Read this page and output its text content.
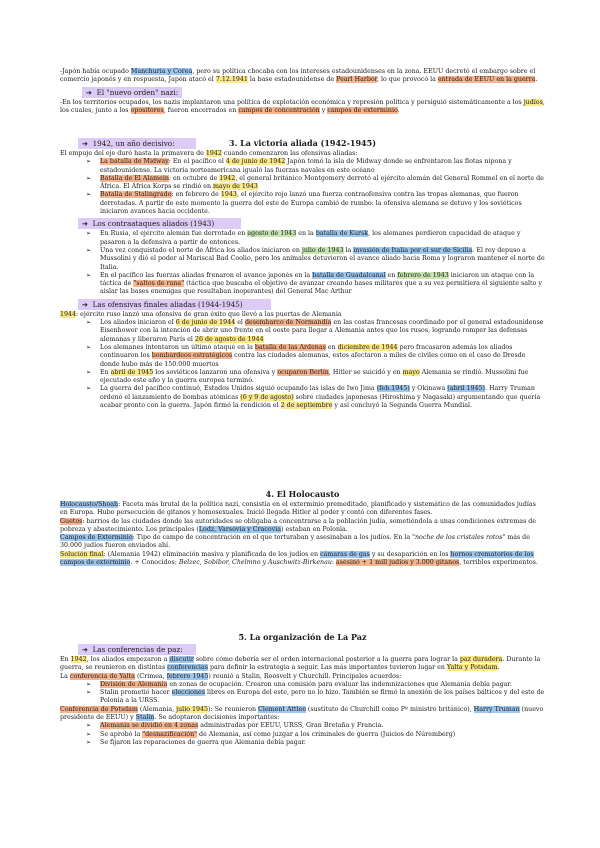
-Japón había ocupado Manchuria y Corea, pero su política chocaba con los intereses estadounidenses en la zona. EEUU decretó el embargo sobre el comercio japonés y en respuesta, Japón atacó el 7.12.1941 la base estadounidense de Pearl Harbor, lo que provocó la entrada de EEUU en la guerra.

➔  El "nuevo orden" nazi:

-En los territorios ocupados, los nazis implantaron una política de explotación económica y represión política y persiguió sistemáticamente a los judíos, los cuales, junto a los opositores, fueron encerrados en campos de concentración y campos de exterminio.

3. La victoria aliada (1942-1945)
➔  1942, un año decisivo:

El empuje del eje duró hasta la primavera de 1942 cuando comenzaron las ofensivas aliadas:

➢ La batalla de Midway: En el pacífico el 4 de junio de 1942 Japón tomó la isla de Midway donde se enfrentaron las flotas nipona y estadounidense. La victoria norteamericana igualó las fuerzas navales en este océano
➢ Batalla de El Alamein: en octubre de 1942, el general británico Montgomery derrotó al ejército alemán del General Rommel en el norte de África. El África Korps se rindió en mayo de 1943
➢ Batalla de Stalingrado: en febrero de 1943, el ejército rojo lanzó una fuerza contraofensiva contra las tropas alemanas, que fueron derrotadas. A partir de este momento la guerra del este de Europa cambió de rumbo: la ofensiva alemana se detuvo y los soviéticos iniciaron avances hacia occidente.
➔  Los contraataques aliados (1943)
➢ En Rusia, el ejército alemán fue derrotado en agosto de 1943 en la batalla de Kursk, los alemanes perdieron capacidad de ataque y pasaron a la defensiva a partir de entonces.
➢ Una vez conquistado el norte de África los aliados iniciaron en julio de 1943 la invasión de Italia por el sur de Sicilia. El rey depuso a Mussolini y dió el poder al Mariscal Bad Coolio, pero los animales detuvieron el avance aliado hacia Roma y lograron mantener el norte de Italia.
➢ En el pacífico las fuerzas aliadas frenaron el avance japonés en la batalla de Guadalcanal en febrero de 1943 iniciaron un ataque con la táctica de "saltos de rana" (táctica que buscaba el objetivo de avanzar creando bases militares que a su vez permitiera el siguiente salto y aislar las bases enemigas que resultaban inoperantes) del General Mac Arthur
➔  Las ofensivas finales aliadas (1944-1945)

1944: ejército ruso lanzó una ofensiva de gran éxito que llevó a las puertas de Alemania

➢ Los aliados iniciaron el 6 de junio de 1944 el desembarco de Normandía en las costas francesas coordinado por el general estadounidense Eisenhower con la intención de abrir uno frente en el oeste para llegar a Alemania antes que los rusos, logrando romper las defensas alemanas y liberaron París el 26 de agosto de 1944
➢ Los alemanes intentaron un último ataque en la batalla de las Ardenas en diciembre de 1944 pero fracasaron además los aliados continuaron los bombardeos estratégicos contra las ciudades alemanas, estos afectaron a miles de civiles como en el caso de Dresde donde hubo más de 150.000 muertos
➢ En abril de 1945 los soviéticos lanzaron una ofensiva y ocuparon Berlín, Hitler se suicidó y en mayo Alemania se rindió. Mussolini fue ejecutado este año y la guerra europea terminó.
➢ La guerra del pacífico continuó, Estados Unidos siguió ocupando las islas de Iwo Jima (feb.1945) y Okinawa (abril 1945). Harry Truman ordenó el lanzamiento de bombas atómicas (6 y 9 de agosto) sobre ciudades japonesas (Hiroshima y Nagasaki) argumentando que quería acabar pronto con la guerra. Japón firmó la rendición el 2 de septiembre y así concluyó la Segunda Guerra Mundial.
4. El Holocausto

Holocausto/Shoah: Faceta más brutal de la política nazi, consistía en el exterminio premeditado, planificado y sistemático de las comunidades judías en Europa. Hubo persecución de gitanos y homosexuales. Inició llegada Hitler al poder y contó con diferentes fases.

Guetos: barrios de las ciudades donde las autoridades se obligaba a concentrarse a la población judía, sometiéndola a unas condiciones extremas de pobreza y abastecimiento. Los principales (Lodz, Varsovia y Cracovia) estaban en Polonia.

Campos de Exterminio: Tipo de campo de concentración en el que torturaban y asesinaban a los judíos. En la "noche de los cristales rotos" más de 30.000 judíos fueron enviados ahí.

Solución final: (Alemania 1942) eliminación masiva y planificada de los judíos en cámaras de gas y su desaparición en los hornos crematorios de los campos de exterminio. + Conocidos: Belzec, Sobibor, Chelmno y Auschwitz-Birkenau: asesinó + 1 mill judíos y 3.000 gitanos, terribles experimentos.

5. La organización de La Paz
➔  Las conferencias de paz:

En 1942, los aliados empezaron a discutir sobre cómo debería ser el orden internacional posterior a la guerra para lograr la paz duradera. Durante la guerra, se reunieron en distintas conferencias para definir la estrategia a seguir. Las más importantes tuvieron lugar en Yalta y Potsdam.

La conferencia de Yalta (Crimea, febrero 1945) reunió a Stalin, Roosvelt y Churchill. Principales acuerdos:

➢ División de Alemania en zonas de ocupación. Crearon una comisión para evaluar las indemnizaciones que Alemania debía pagar.
➢ Stalin prometió hacer elecciones libres en Europa del este, pero no lo hizo. También se firmó la anexión de los países bálticos y del este de Polonia a la URSS.

Conferencia de Potsdam (Alemania, julio 1945): Se reunieron Clement Attlee (sustituto de Churchill como Pº ministro británico), Harry Truman (nuevo presidente de EEUU) y Stalin. Se adoptaron decisiones importantes:

➢ Alemania se dividió en 4 zonas administradas por EEUU, URSS, Gran Bretaña y Francia.
➢ Se aprobó la "desnazificación" de Alemania, así como juzgar a los criminales de guerra (Juicios de Núremberg)
➢ Se fijaron las reparaciones de guerra que Alemania debía pagar.
